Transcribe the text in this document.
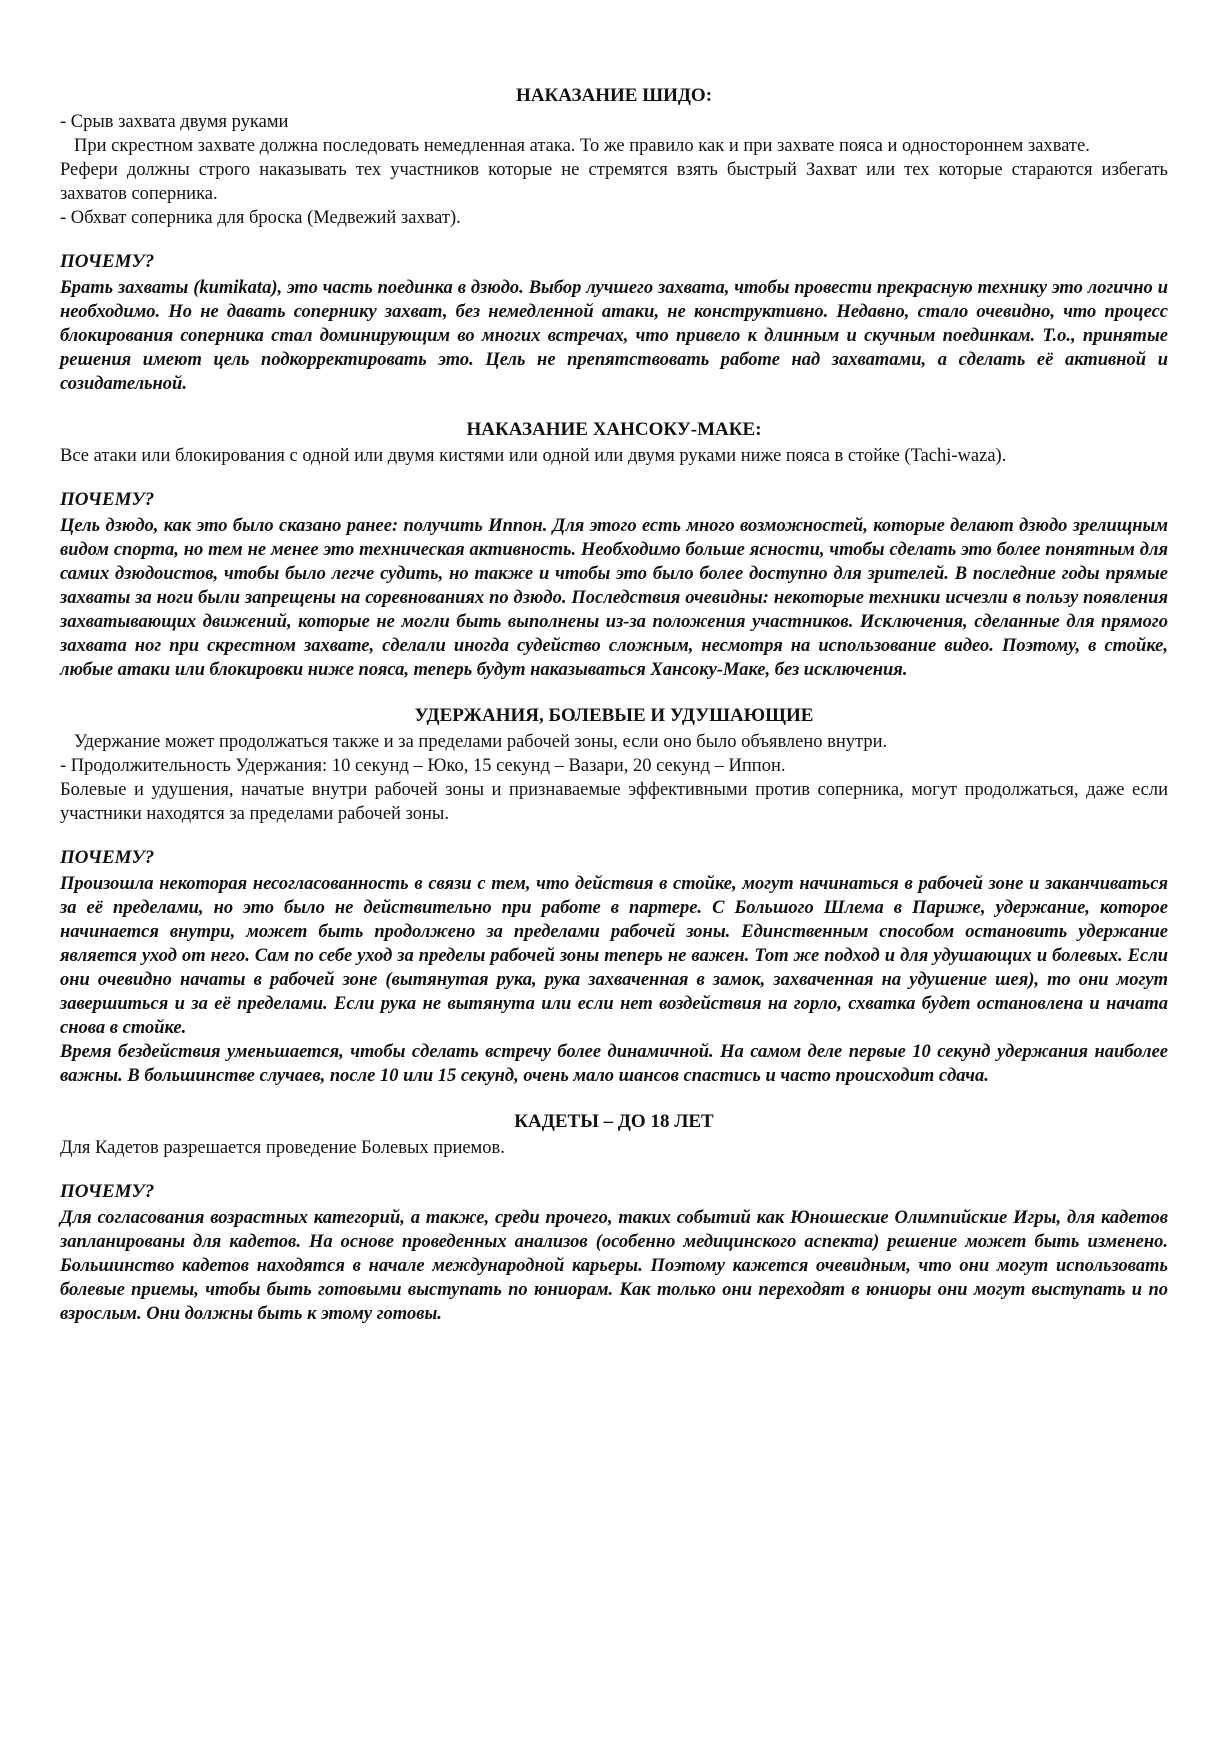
НАКАЗАНИЕ ШИДО:

- Срыв захвата двумя руками

При скрестном захвате должна последовать немедленная атака. То же правило как и при захвате пояса и одностороннем захвате.

Рефери должны строго наказывать тех участников которые не стремятся взять быстрый Захват или тех которые стараются избегать захватов соперника.

- Обхват соперника для броска (Медвежий захват).

ПОЧЕМУ?

Брать захваты (kumikata), это часть поединка в дзюдо. Выбор лучшего захвата, чтобы провести прекрасную технику это логично и необходимо. Но не давать сопернику захват, без немедленной атаки, не конструктивно. Недавно, стало очевидно, что процесс блокирования соперника стал доминирующим во многих встречах, что привело к длинным и скучным поединкам. Т.о., принятые решения имеют цель подкорректировать это. Цель не препятствовать работе над захватами, а сделать её активной и созидательной.

НАКАЗАНИЕ ХАНСОКУ-МАКЕ:

Все атаки или блокирования с одной или двумя кистями или одной или двумя руками ниже пояса в стойке (Tachi-waza).

ПОЧЕМУ?

Цель дзюдо, как это было сказано ранее: получить Иппон. Для этого есть много возможностей, которые делают дзюдо зрелищным видом спорта, но тем не менее это техническая активность. Необходимо больше ясности, чтобы сделать это более понятным для самих дзюдоистов, чтобы было легче судить, но также и чтобы это было более доступно для зрителей. В последние годы прямые захваты за ноги были запрещены на соревнованиях по дзюдо. Последствия очевидны: некоторые техники исчезли в пользу появления захватывающих движений, которые не могли быть выполнены из-за положения участников. Исключения, сделанные для прямого захвата ног при скрестном захвате, сделали иногда судейство сложным, несмотря на использование видео. Поэтому, в стойке, любые атаки или блокировки ниже пояса, теперь будут наказываться Хансоку-Маке, без исключения.

УДЕРЖАНИЯ, БОЛЕВЫЕ И УДУШАЮЩИЕ

Удержание может продолжаться также и за пределами рабочей зоны, если оно было объявлено внутри.

- Продолжительность Удержания: 10 секунд – Юко, 15 секунд – Вазари, 20 секунд – Иппон.

Болевые и удушения, начатые внутри рабочей зоны и признаваемые эффективными против соперника, могут продолжаться, даже если участники находятся за пределами рабочей зоны.

ПОЧЕМУ?

Произошла некоторая несогласованность в связи с тем, что действия в стойке, могут начинаться в рабочей зоне и заканчиваться за её пределами, но это было не действительно при работе в партере. С Большого Шлема в Париже, удержание, которое начинается внутри, может быть продолжено за пределами рабочей зоны. Единственным способом остановить удержание является уход от него. Сам по себе уход за пределы рабочей зоны теперь не важен. Тот же подход и для удушающих и болевых. Если они очевидно начаты в рабочей зоне (вытянутая рука, рука захваченная в замок, захваченная на удушение шея), то они могут завершиться и за её пределами. Если рука не вытянута или если нет воздействия на горло, схватка будет остановлена и начата снова в стойке.

Время бездействия уменьшается, чтобы сделать встречу более динамичной. На самом деле первые 10 секунд удержания наиболее важны. В большинстве случаев, после 10 или 15 секунд, очень мало шансов спастись и часто происходит сдача.

КАДЕТЫ – ДО 18 ЛЕТ

Для Кадетов разрешается проведение Болевых приемов.

ПОЧЕМУ?

Для согласования возрастных категорий, а также, среди прочего, таких событий как Юношеские Олимпийские Игры, для кадетов запланированы для кадетов. На основе проведенных анализов (особенно медицинского аспекта) решение может быть изменено. Большинство кадетов находятся в начале международной карьеры. Поэтому кажется очевидным, что они могут использовать болевые приемы, чтобы быть готовыми выступать по юниорам. Как только они переходят в юниоры они могут выступать и по взрослым. Они должны быть к этому готовы.
